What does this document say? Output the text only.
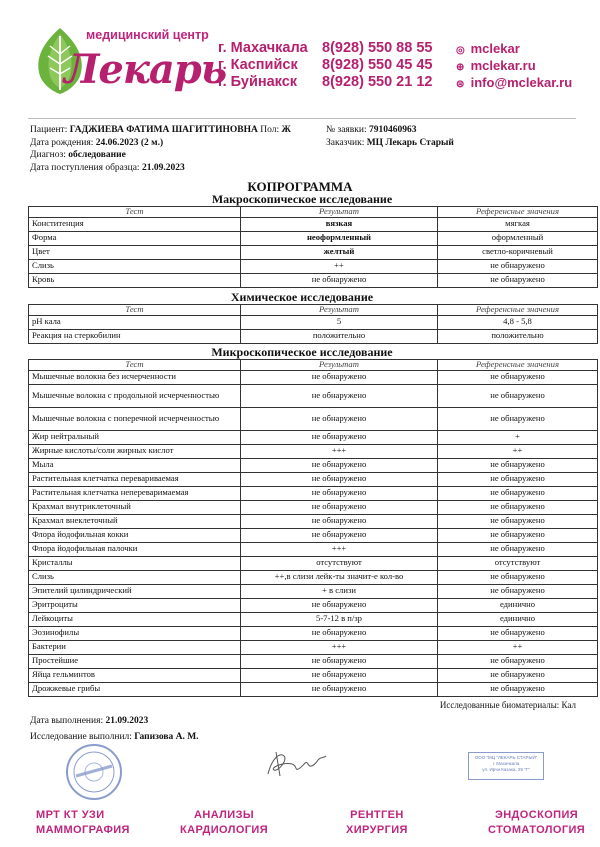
медицинский центр
Лекарь
г. Махачкала
г. Каспийск
г. Буйнакск
8(928) 550 88 55
8(928) 550 45 45
8(928) 550 21 12
◎ mclekar
⊕ mclekar.ru
⊜ info@mclekar.ru
Пациент: ГАДЖИЕВА ФАТИМА ШАГИТТИНОВНА Пол: Ж
Дата рождения: 24.06.2023 (2 м.)
Диагноз: обследование
Дата поступления образца: 21.09.2023
№ заявки: 7910460963
Заказчик: МЦ Лекарь Старый
КОПРОГРАММА
Макроскопическое исследование
Тест	Результат	Референсные значения
Конститенция	вязкая	мягкая
Форма	неоформленный	оформленный
Цвет	желтый	светло-коричневый
Слизь	++	не обнаружено
Кровь	не обнаружено	не обнаружено
Химическое исследование
Тест	Результат	Референсные значения
pH кала	5	4,8 - 5,8
Реакция на стеркобилин	положительно	положительно
Микроскопическое исследование
Тест	Результат	Референсные значения
Мышечные волокна без исчерченности	не обнаружено	не обнаружено
Мышечные волокна с продольной исчерченностью	не обнаружено	не обнаружено
Мышечные волокна с поперечной исчерченностью	не обнаружено	не обнаружено
Жир нейтральный	не обнаружено	+
Жирные кислоты/соли жирных кислот	+++	++
Мыла	не обнаружено	не обнаружено
Растительная клетчатка перевариваемая	не обнаружено	не обнаружено
Растительная клетчатка непереваримаемая	не обнаружено	не обнаружено
Крахмал внутриклеточный	не обнаружено	не обнаружено
Крахмал внеклеточный	не обнаружено	не обнаружено
Флора йодофильная кокки	не обнаружено	не обнаружено
Флора йодофильная палочки	+++	не обнаружено
Кристаллы	отсутствуют	отсутствуют
Слизь	++,в слизи лейк-ты значит-е кол-во	не обнаружено
Эпителий цилиндрический	+ в слизи	не обнаружено
Эритроциты	не обнаружено	единично
Лейкоциты	5-7-12 в п/зр	единично
Эозинофилы	не обнаружено	не обнаружено
Бактерии	+++	++
Простейшие	не обнаружено	не обнаружено
Яйца гельминтов	не обнаружено	не обнаружено
Дрожжевые грибы	не обнаружено	не обнаружено
Исследованные биоматериалы: Кал
Дата выполнения: 21.09.2023
Исследование выполнил: Гапизова А. М.
ООО "МЦ "ЛЕКАРЬ СТАРЫЙ"
г. Махачкала
ул. Ирчи Казака, 29 "Г"
МРТ КТ УЗИ
МАММОГРАФИЯ
АНАЛИЗЫ
КАРДИОЛОГИЯ
РЕНТГЕН
ХИРУРГИЯ
ЭНДОСКОПИЯ
СТОМАТОЛОГИЯ
